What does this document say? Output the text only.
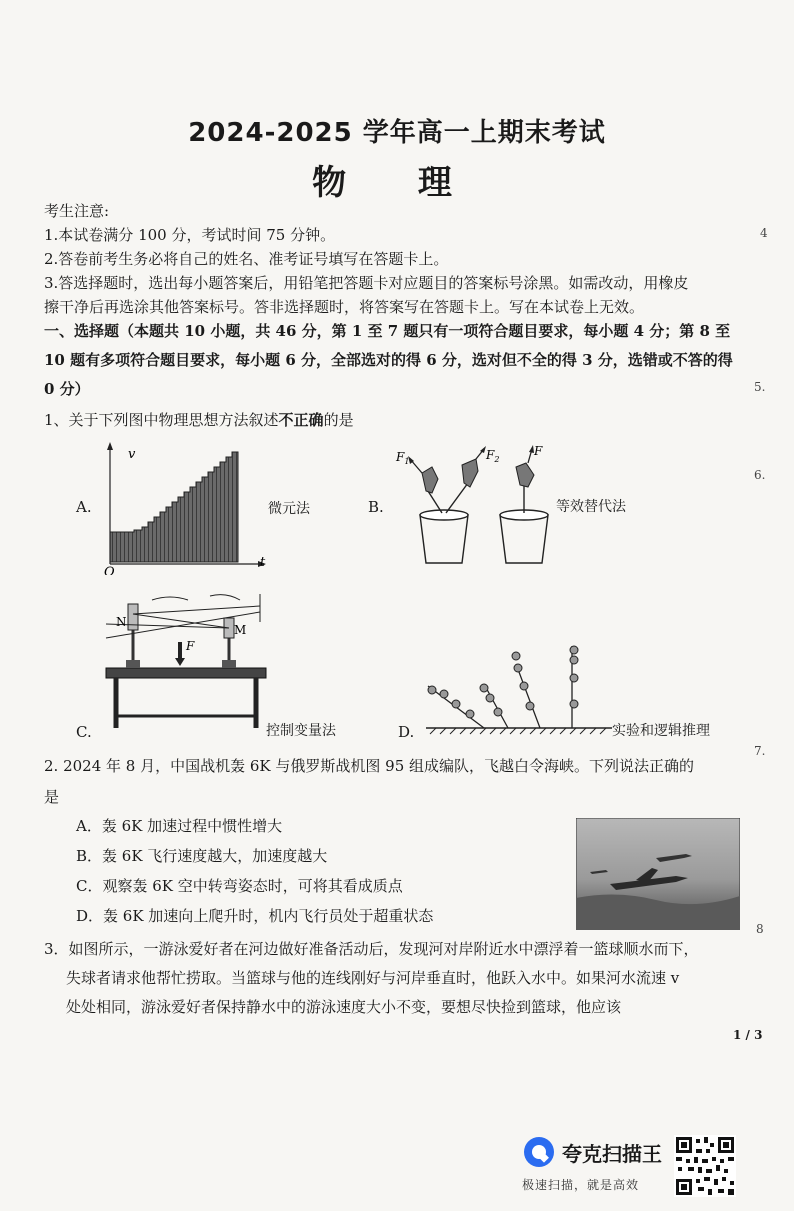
2024-2025 学年高一上期末考试
物 理
考生注意:
1.本试卷满分 100 分，考试时间 75 分钟。
2.答卷前考生务必将自己的姓名、准考证号填写在答题卡上。
3.答选择题时，选出每小题答案后，用铅笔把答题卡对应题目的答案标号涂黑。如需改动，用橡皮
擦干净后再选涂其他答案标号。答非选择题时，将答案写在答题卡上。写在本试卷上无效。
一、选择题（本题共 10 小题，共 46 分，第 1 至 7 题只有一项符合题目要求，每小题 4 分；第 8 至 10 题有多项符合题目要求，每小题 6 分，全部选对的得 6 分，选对但不全的得 3 分，选错或不答的得 0 分）
1、关于下列图中物理思想方法叙述不正确的是
A.
v
t
O
微元法	B.
$F_1$	$F_2$
F
等效替代法
C.
N
M
F
控制变量法	D.	实验和逻辑推理
2. 2024 年 8 月，中国战机轰 6K 与俄罗斯战机图 95 组成编队，飞越白令海峡。下列说法正确的
是
A．轰 6K 加速过程中惯性增大
B．轰 6K 飞行速度越大，加速度越大
C．观察轰 6K 空中转弯姿态时，可将其看成质点
D．轰 6K 加速向上爬升时，机内飞行员处于超重状态
3．如图所示，一游泳爱好者在河边做好准备活动后，发现河对岸附近水中漂浮着一篮球顺水而下，
失球者请求他帮忙捞取。当篮球与他的连线刚好与河岸垂直时，他跃入水中。如果河水流速 v
处处相同，游泳爱好者保持静水中的游泳速度大小不变，要想尽快捡到篮球，他应该
1 / 3
4
5.
6.
7.
8
夸克扫描王
极速扫描，就是高效
